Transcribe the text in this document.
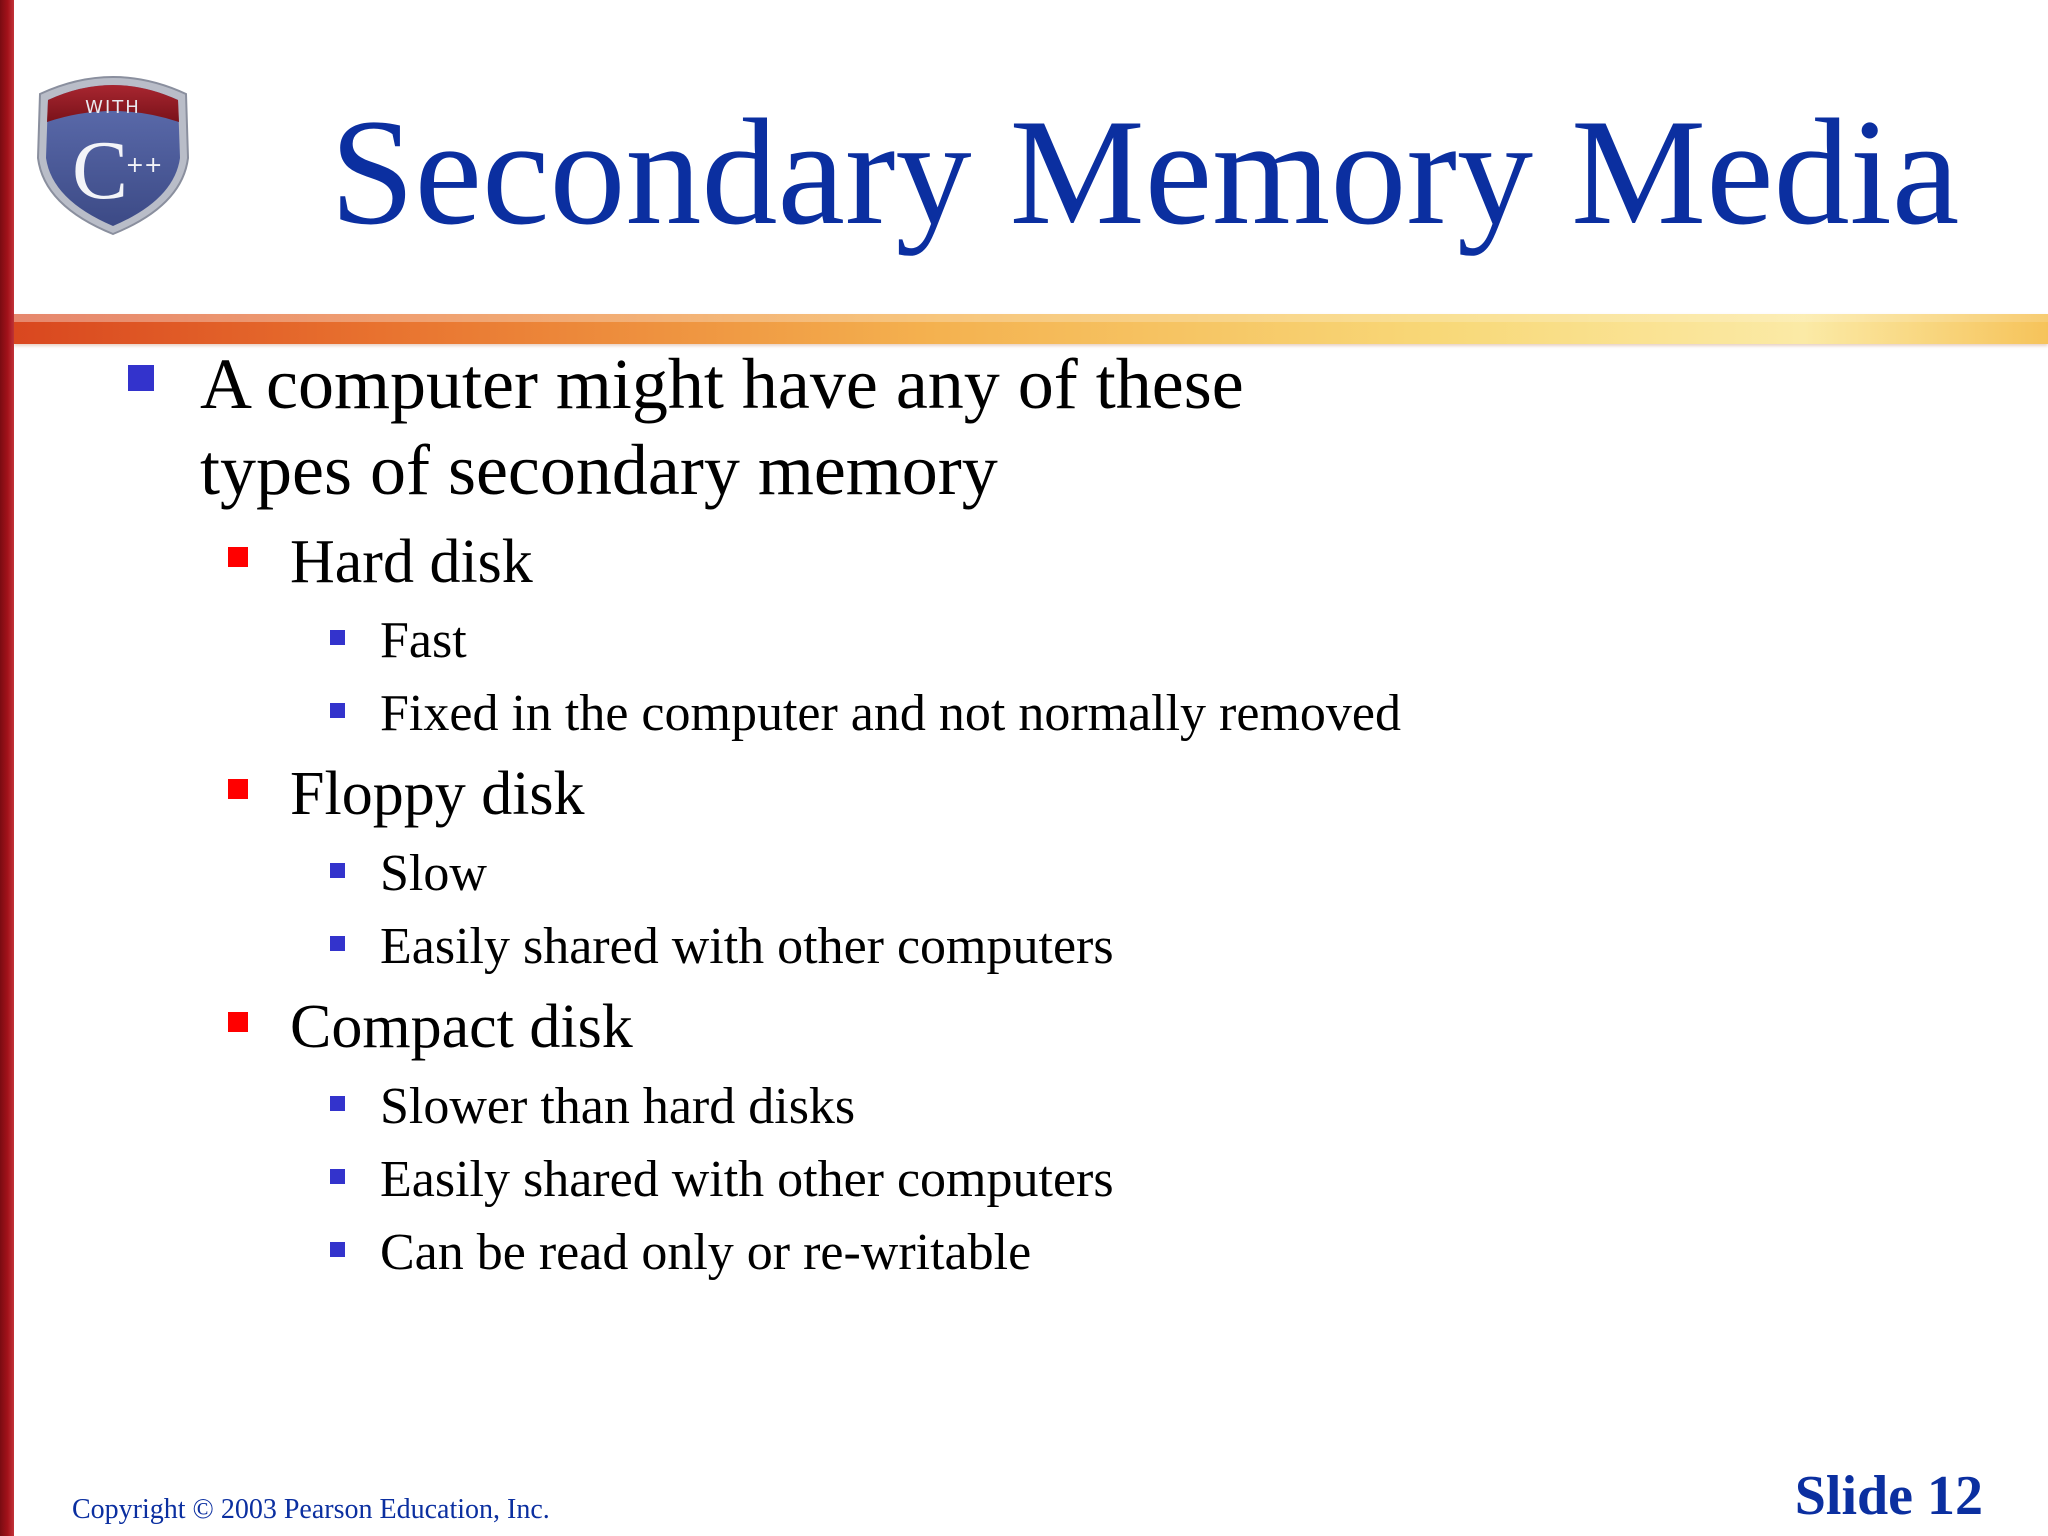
WITH
C
++ Secondary Memory Media
A computer might have any of these
types of secondary memory
Hard disk
Fast
Fixed in the computer and not normally removed
Floppy disk
Slow
Easily shared with other computers
Compact disk
Slower than hard disks
Easily shared with other computers
Can be read only or re-writable
Copyright © 2003 Pearson Education, Inc.	Slide 12
